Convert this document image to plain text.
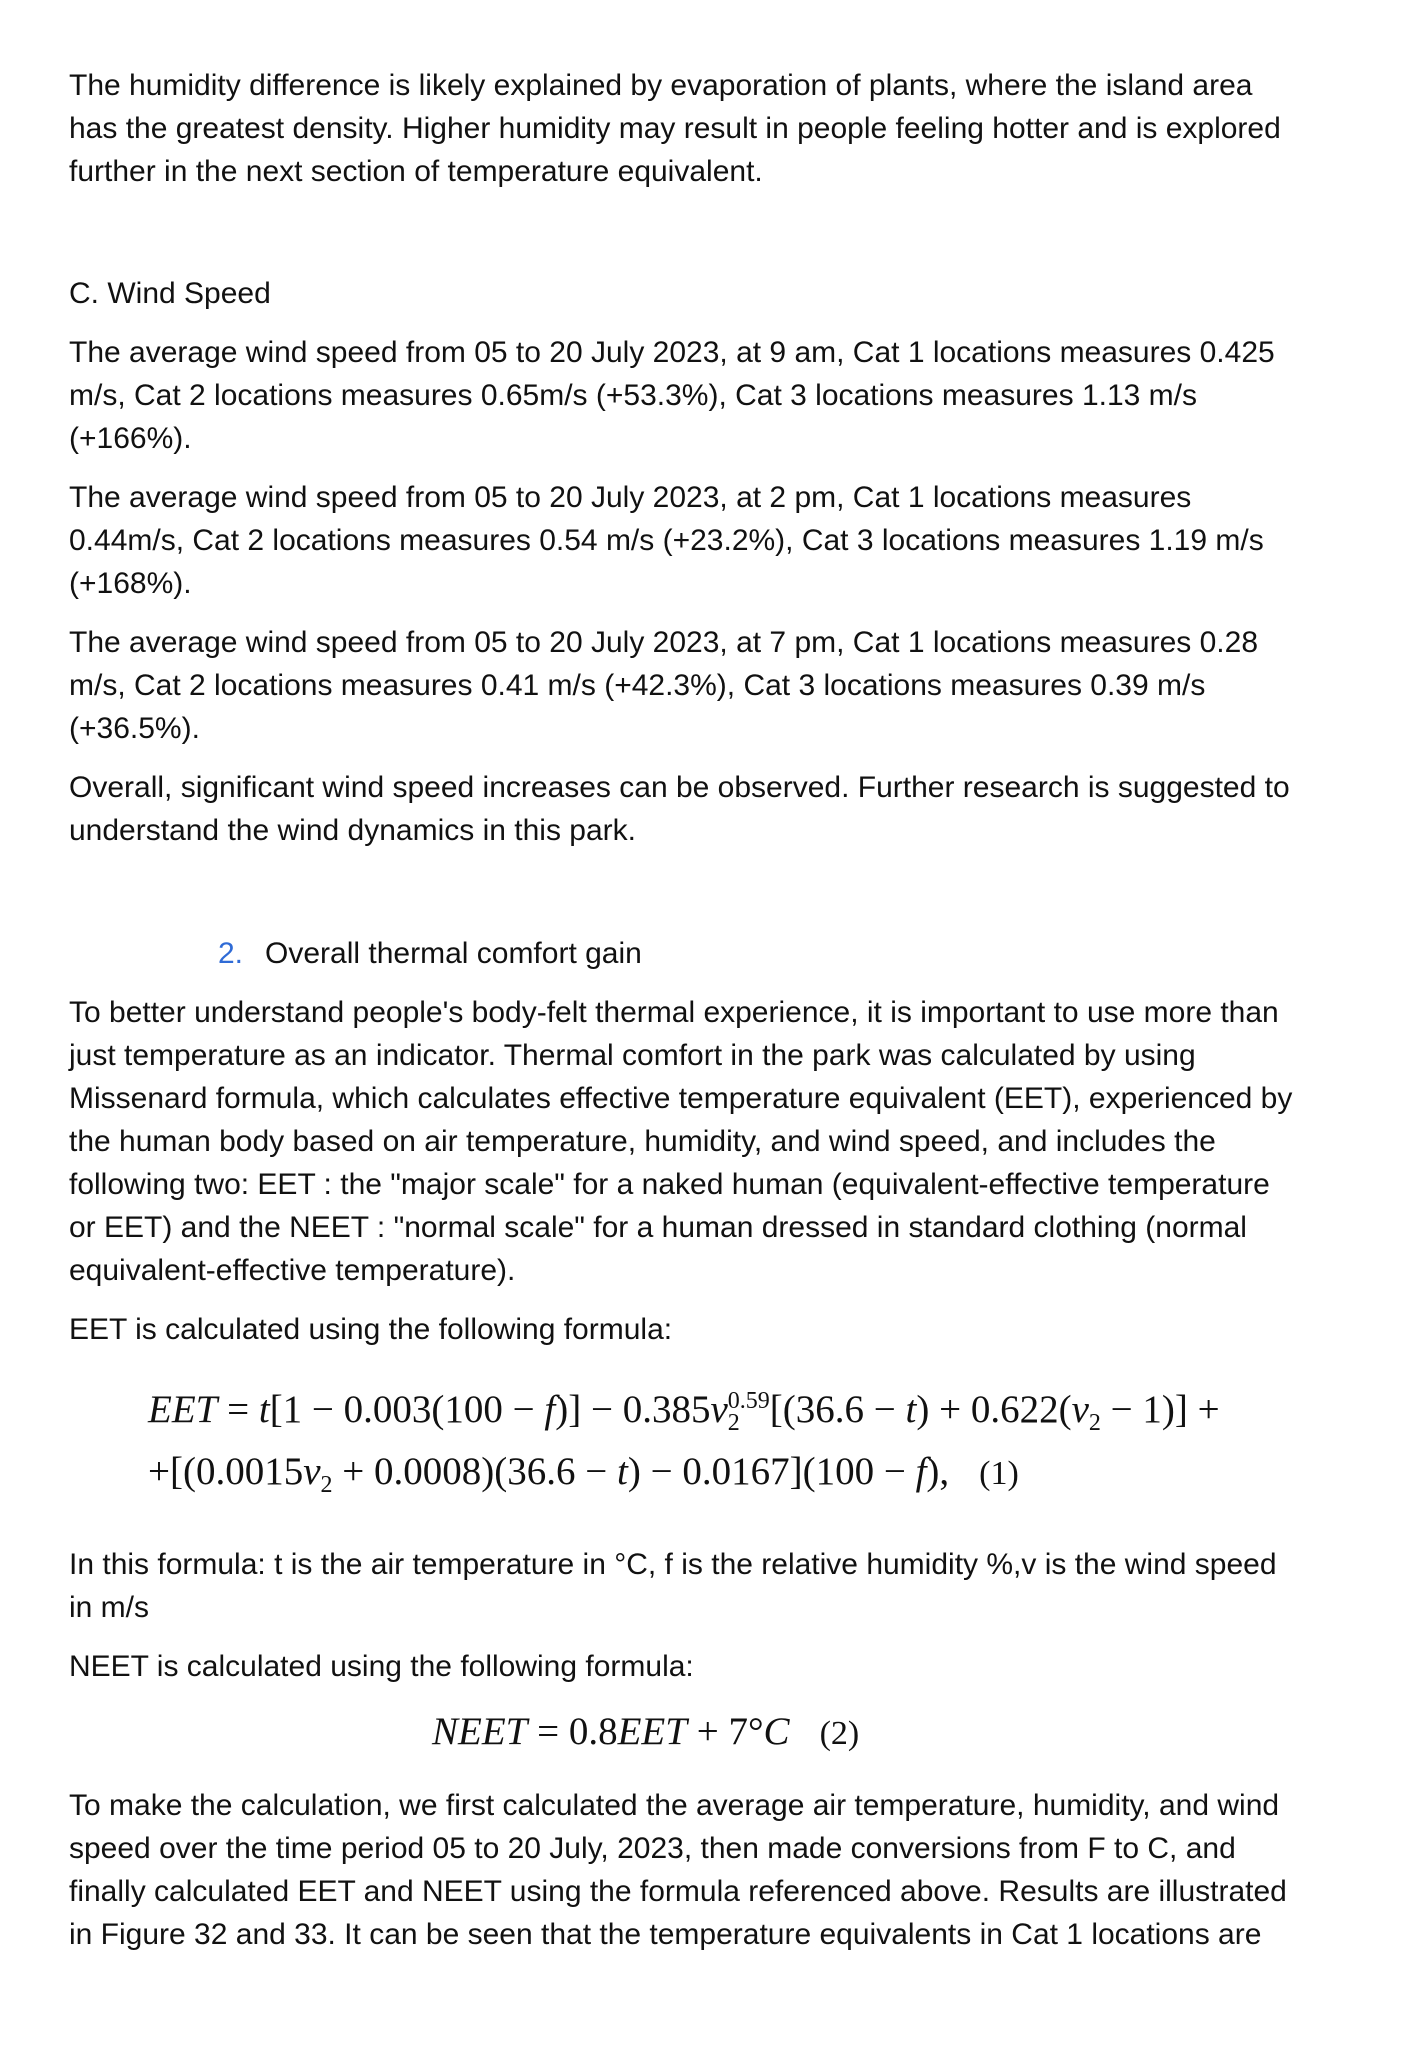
The humidity difference is likely explained by evaporation of plants, where the island area
has the greatest density. Higher humidity may result in people feeling hotter and is explored
further in the next section of temperature equivalent.

C. Wind Speed

The average wind speed from 05 to 20 July 2023, at 9 am, Cat 1 locations measures 0.425
m/s, Cat 2 locations measures 0.65m/s (+53.3%), Cat 3 locations measures 1.13 m/s
(+166%).

The average wind speed from 05 to 20 July 2023, at 2 pm, Cat 1 locations measures
0.44m/s, Cat 2 locations measures 0.54 m/s (+23.2%), Cat 3 locations measures 1.19 m/s
(+168%).

The average wind speed from 05 to 20 July 2023, at 7 pm, Cat 1 locations measures 0.28
m/s, Cat 2 locations measures 0.41 m/s (+42.3%), Cat 3 locations measures 0.39 m/s
(+36.5%).

Overall, significant wind speed increases can be observed. Further research is suggested to
understand the wind dynamics in this park.

2. Overall thermal comfort gain

To better understand people's body-felt thermal experience, it is important to use more than
just temperature as an indicator. Thermal comfort in the park was calculated by using
Missenard formula, which calculates effective temperature equivalent (EET), experienced by
the human body based on air temperature, humidity, and wind speed, and includes the
following two: EET : the "major scale" for a naked human (equivalent-effective temperature
or EET) and the NEET : "normal scale" for a human dressed in standard clothing (normal
equivalent-effective temperature).

EET is calculated using the following formula:
EET = $t[1 - 0.003(100 - f)] - 0.385v_2^{0.59}[(36.6 - t) + 0.622(v_2 - 1)]$ +
$+[(0.0015v_2 + 0.0008)(36.6 - t) - 0.0167](100 - f)$, (1)

In this formula: t is the air temperature in °C, f is the relative humidity %,v is the wind speed
in m/s

NEET is calculated using the following formula:
NEET = 0.8EET + 7°C (2)

To make the calculation, we first calculated the average air temperature, humidity, and wind
speed over the time period 05 to 20 July, 2023, then made conversions from F to C, and
finally calculated EET and NEET using the formula referenced above. Results are illustrated
in Figure 32 and 33. It can be seen that the temperature equivalents in Cat 1 locations are
